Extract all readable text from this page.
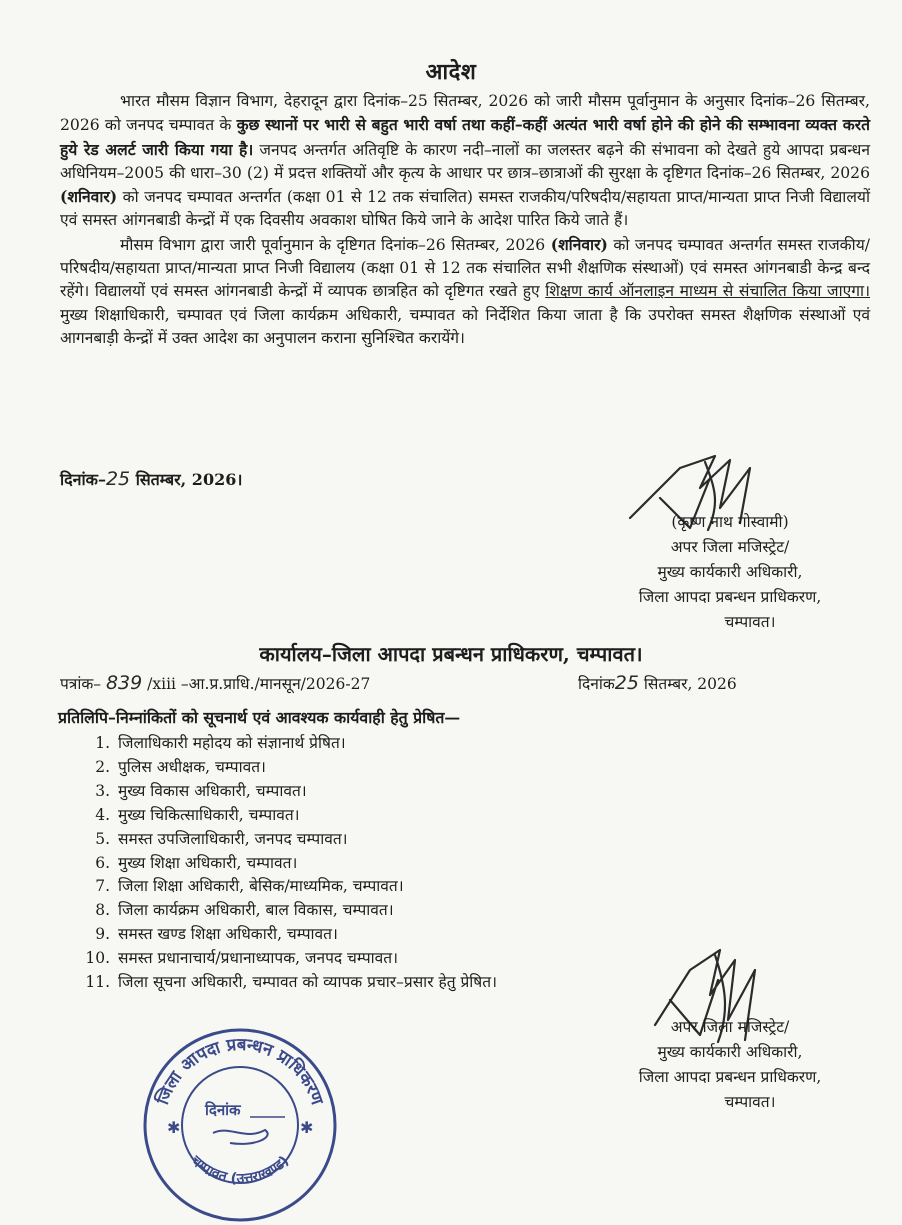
आदेश

भारत मौसम विज्ञान विभाग, देहरादून द्वारा दिनांक–25 सितम्बर, 2026 को जारी मौसम पूर्वानुमान के अनुसार दिनांक–26 सितम्बर, 2026 को जनपद चम्पावत के कुछ स्थानों पर भारी से बहुत भारी वर्षा तथा कहीं–कहीं अत्यंत भारी वर्षा होने की होने की सम्भावना व्यक्त करते हुये रेड अलर्ट जारी किया गया है। जनपद अन्तर्गत अतिवृष्टि के कारण नदी–नालों का जलस्तर बढ़ने की संभावना को देखते हुये आपदा प्रबन्धन अधिनियम–2005 की धारा–30 (2) में प्रदत्त शक्तियों और कृत्य के आधार पर छात्र–छात्राओं की सुरक्षा के दृष्टिगत दिनांक–26 सितम्बर, 2026 (शनिवार) को जनपद चम्पावत अन्तर्गत (कक्षा 01 से 12 तक संचालित) समस्त राजकीय/परिषदीय/सहायता प्राप्त/मान्यता प्राप्त निजी विद्यालयों एवं समस्त आंगनबाडी केन्द्रों में एक दिवसीय अवकाश घोषित किये जाने के आदेश पारित किये जाते हैं।

मौसम विभाग द्वारा जारी पूर्वानुमान के दृष्टिगत दिनांक–26 सितम्बर, 2026 (शनिवार) को जनपद चम्पावत अन्तर्गत समस्त राजकीय/परिषदीय/सहायता प्राप्त/मान्यता प्राप्त निजी विद्यालय (कक्षा 01 से 12 तक संचालित सभी शैक्षणिक संस्थाओं) एवं समस्त आंगनबाडी केन्द्र बन्द रहेंगे। विद्यालयों एवं समस्त आंगनबाडी केन्द्रों में व्यापक छात्रहित को दृष्टिगत रखते हुए शिक्षण कार्य ऑनलाइन माध्यम से संचालित किया जाएगा। मुख्य शिक्षाधिकारी, चम्पावत एवं जिला कार्यक्रम अधिकारी, चम्पावत को निर्देशित किया जाता है कि उपरोक्त समस्त शैक्षणिक संस्थाओं एवं आगनबाड़ी केन्द्रों में उक्त आदेश का अनुपालन कराना सुनिश्चित करायेंगे।

दिनांक–25 सितम्बर, 2026।
(कृष्ण नाथ गोस्वामी)
अपर जिला मजिस्ट्रेट/
मुख्य कार्यकारी अधिकारी,
जिला आपदा प्रबन्धन प्राधिकरण,
चम्पावत।
कार्यालय–जिला आपदा प्रबन्धन प्राधिकरण, चम्पावत।
पत्रांक– 839 /xiii –आ.प्र.प्राधि./मानसून/2026-27	दिनांक25 सितम्बर, 2026
प्रतिलिपि–निम्नांकितों को सूचनार्थ एवं आवश्यक कार्यवाही हेतु प्रेषित—
1. जिलाधिकारी महोदय को संज्ञानार्थ प्रेषित।
2. पुलिस अधीक्षक, चम्पावत।
3. मुख्य विकास अधिकारी, चम्पावत।
4. मुख्य चिकित्साधिकारी, चम्पावत।
5. समस्त उपजिलाधिकारी, जनपद चम्पावत।
6. मुख्य शिक्षा अधिकारी, चम्पावत।
7. जिला शिक्षा अधिकारी, बेसिक/माध्यमिक, चम्पावत।
8. जिला कार्यक्रम अधिकारी, बाल विकास, चम्पावत।
9. समस्त खण्ड शिक्षा अधिकारी, चम्पावत।
10. समस्त प्रधानाचार्य/प्रधानाध्यापक, जनपद चम्पावत।
11. जिला सूचना अधिकारी, चम्पावत को व्यापक प्रचार–प्रसार हेतु प्रेषित।
जिला आपदा प्रबन्धन प्राधिकरण
चम्पावत (उत्तराखण्ड)
✱	✱
दिनांक
अपर जिला मजिस्ट्रेट/
मुख्य कार्यकारी अधिकारी,
जिला आपदा प्रबन्धन प्राधिकरण,
चम्पावत।
